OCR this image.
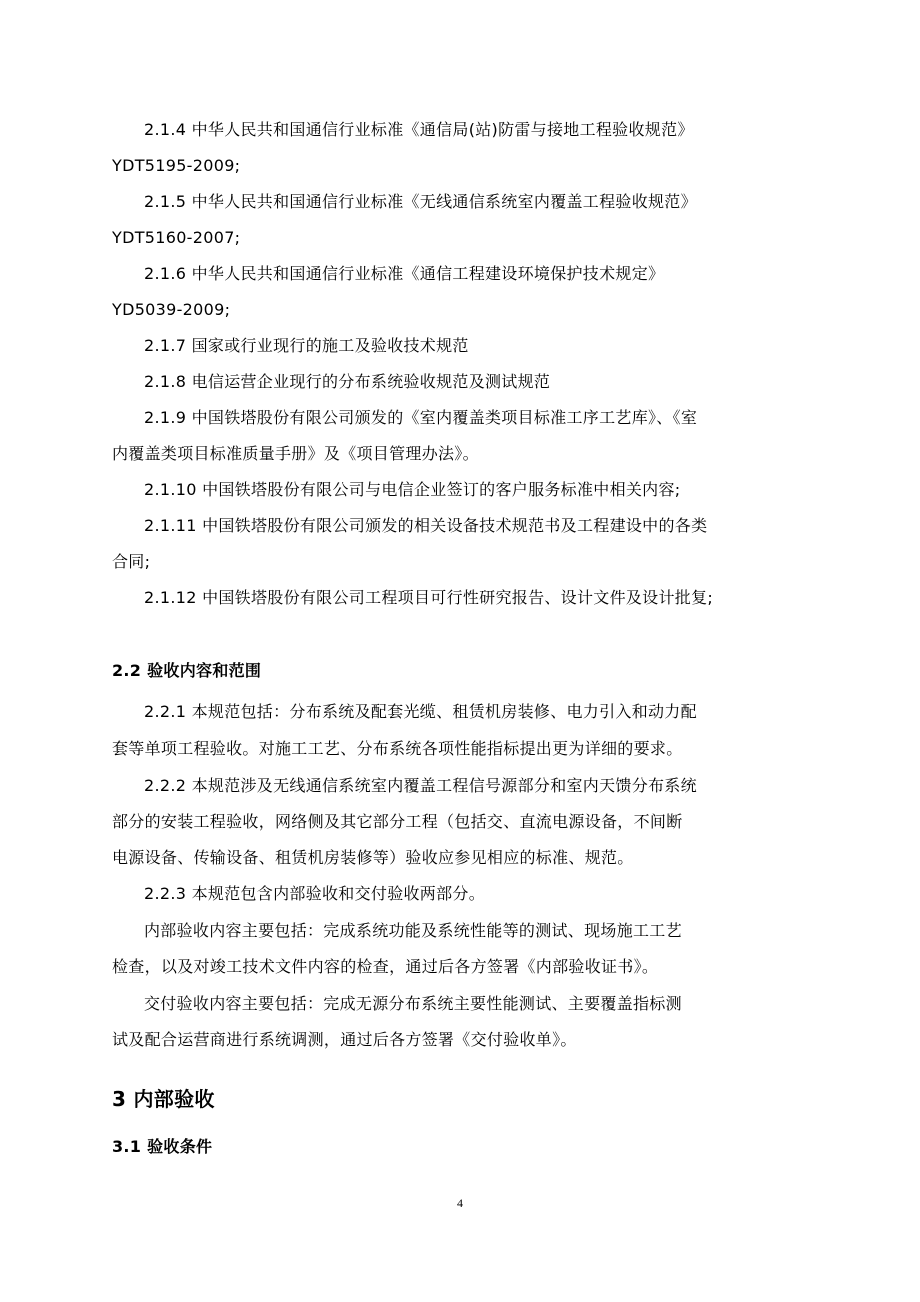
2.1.4 中华人民共和国通信行业标准《通信局(站)防雷与接地工程验收规范》
YDT5195-2009;
2.1.5 中华人民共和国通信行业标准《无线通信系统室内覆盖工程验收规范》
YDT5160-2007;
2.1.6 中华人民共和国通信行业标准《通信工程建设环境保护技术规定》
YD5039-2009;
2.1.7 国家或行业现行的施工及验收技术规范
2.1.8 电信运营企业现行的分布系统验收规范及测试规范
2.1.9 中国铁塔股份有限公司颁发的《室内覆盖类项目标准工序工艺库》、《室
内覆盖类项目标准质量手册》及《项目管理办法》。
2.1.10 中国铁塔股份有限公司与电信企业签订的客户服务标准中相关内容;
2.1.11 中国铁塔股份有限公司颁发的相关设备技术规范书及工程建设中的各类
合同;
2.1.12 中国铁塔股份有限公司工程项目可行性研究报告、设计文件及设计批复;
2.2 验收内容和范围
2.2.1 本规范包括：分布系统及配套光缆、租赁机房装修、电力引入和动力配
套等单项工程验收。对施工工艺、分布系统各项性能指标提出更为详细的要求。
2.2.2 本规范涉及无线通信系统室内覆盖工程信号源部分和室内天馈分布系统
部分的安装工程验收，网络侧及其它部分工程（包括交、直流电源设备，不间断
电源设备、传输设备、租赁机房装修等）验收应参见相应的标准、规范。
2.2.3 本规范包含内部验收和交付验收两部分。
内部验收内容主要包括：完成系统功能及系统性能等的测试、现场施工工艺
检查，以及对竣工技术文件内容的检查，通过后各方签署《内部验收证书》。
交付验收内容主要包括：完成无源分布系统主要性能测试、主要覆盖指标测
试及配合运营商进行系统调测，通过后各方签署《交付验收单》。
3 内部验收
3.1 验收条件
4
